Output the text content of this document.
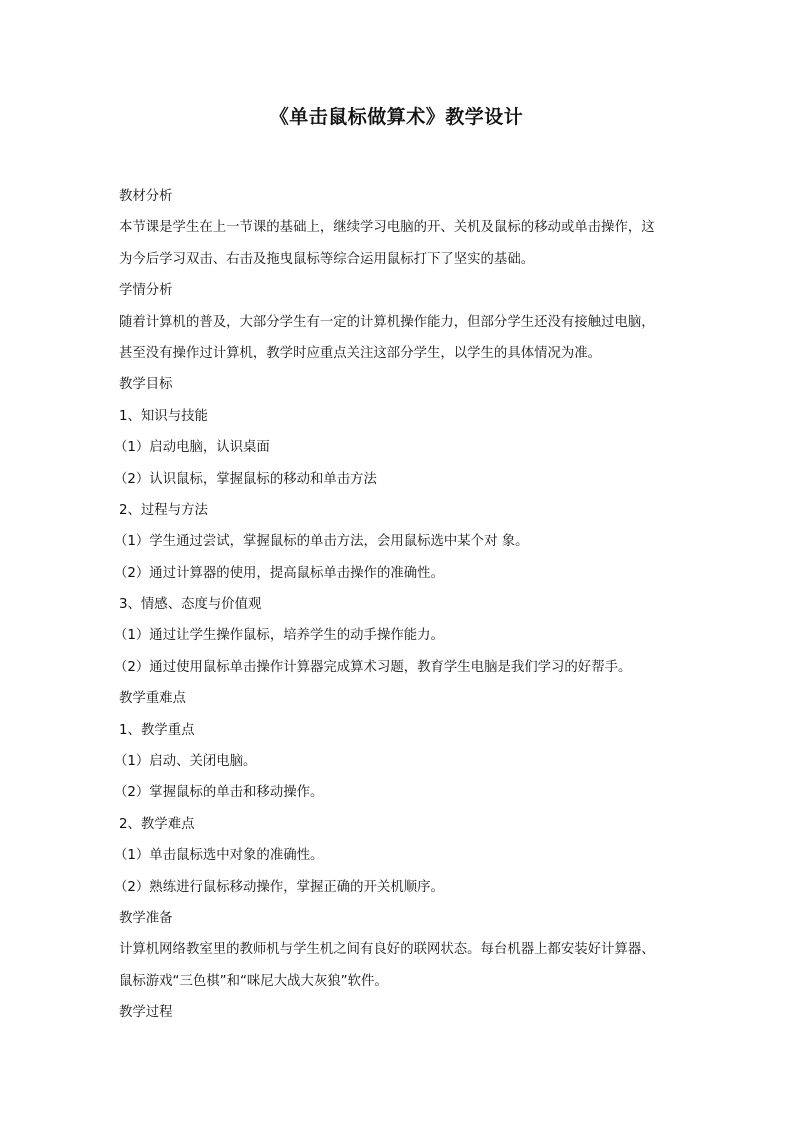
《单击鼠标做算术》教学设计
教材分析
本节课是学生在上一节课的基础上，继续学习电脑的开、关机及鼠标的移动或单击操作，这
为今后学习双击、右击及拖曳鼠标等综合运用鼠标打下了坚实的基础。
学情分析
随着计算机的普及，大部分学生有一定的计算机操作能力，但部分学生还没有接触过电脑，
甚至没有操作过计算机，教学时应重点关注这部分学生，以学生的具体情况为准。
教学目标
1、知识与技能
（1）启动电脑，认识桌面
（2）认识鼠标，掌握鼠标的移动和单击方法
2、过程与方法
（1）学生通过尝试，掌握鼠标的单击方法，会用鼠标选中某个对 象。
（2）通过计算器的使用，提高鼠标单击操作的准确性。
3、情感、态度与价值观
（1）通过让学生操作鼠标，培养学生的动手操作能力。
（2）通过使用鼠标单击操作计算器完成算术习题，教育学生电脑是我们学习的好帮手。
教学重难点
1、教学重点
（1）启动、关闭电脑。
（2）掌握鼠标的单击和移动操作。
2、教学难点
（1）单击鼠标选中对象的准确性。
（2）熟练进行鼠标移动操作，掌握正确的开关机顺序。
教学准备
计算机网络教室里的教师机与学生机之间有良好的联网状态。每台机器上都安装好计算器、
鼠标游戏“三色棋”和“咪尼大战大灰狼”软件。
教学过程
